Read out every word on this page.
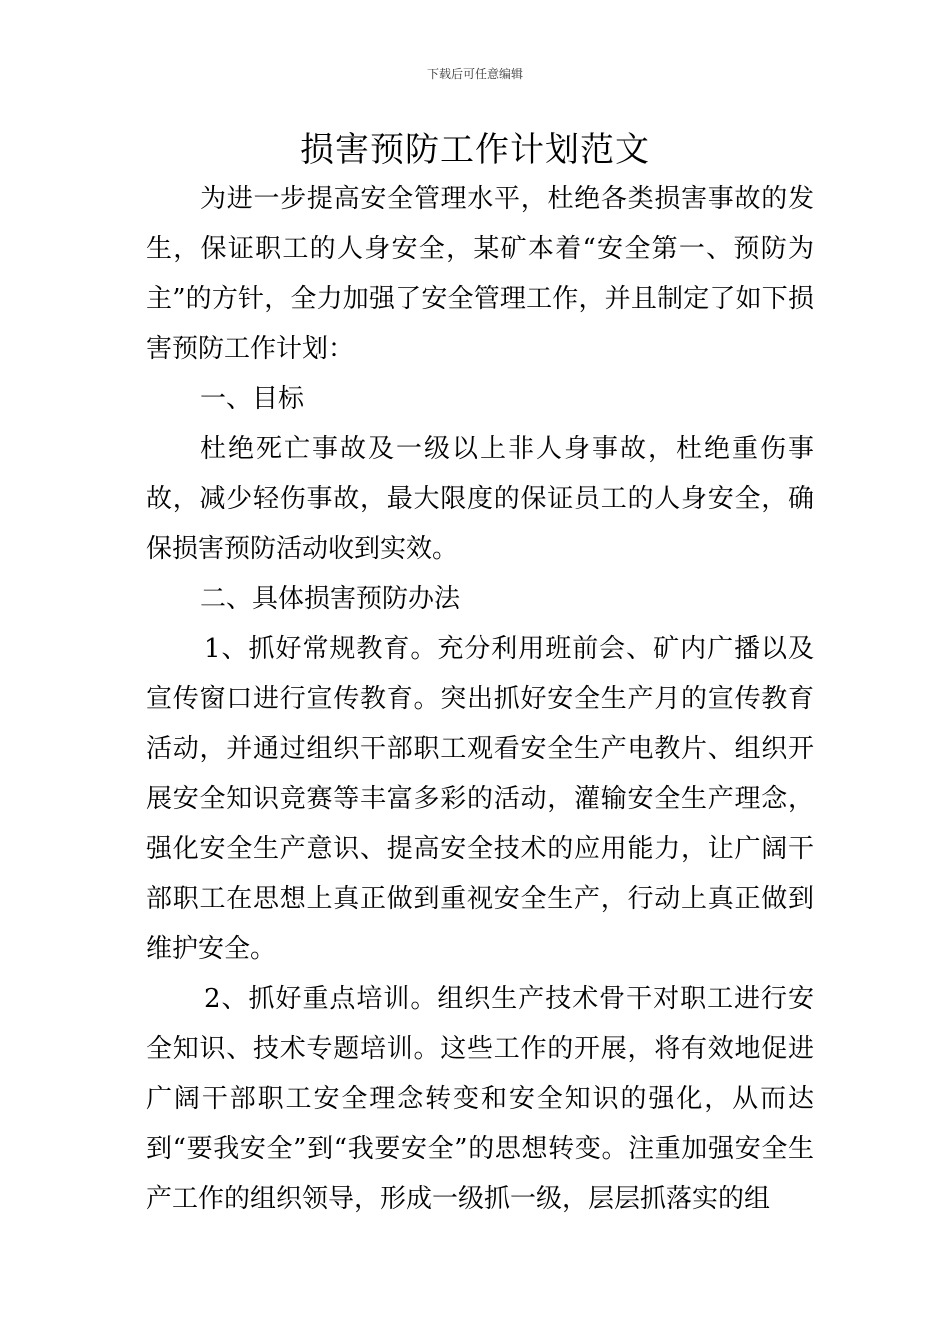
下载后可任意编辑
损害预防工作计划范文

为进一步提高安全管理水平，杜绝各类损害事故的发生，保证职工的人身安全，某矿本着“安全第一、预防为主”的方针，全力加强了安全管理工作，并且制定了如下损害预防工作计划：

一、目标

杜绝死亡事故及一级以上非人身事故，杜绝重伤事故，减少轻伤事故，最大限度的保证员工的人身安全，确保损害预防活动收到实效。

二、具体损害预防办法

1、抓好常规教育。充分利用班前会、矿内广播以及宣传窗口进行宣传教育。突出抓好安全生产月的宣传教育活动，并通过组织干部职工观看安全生产电教片、组织开展安全知识竞赛等丰富多彩的活动，灌输安全生产理念，强化安全生产意识、提高安全技术的应用能力，让广阔干部职工在思想上真正做到重视安全生产，行动上真正做到维护安全。

2、抓好重点培训。组织生产技术骨干对职工进行安全知识、技术专题培训。这些工作的开展，将有效地促进广阔干部职工安全理念转变和安全知识的强化，从而达到“要我安全”到“我要安全”的思想转变。注重加强安全生产工作的组织领导，形成一级抓一级，层层抓落实的组
